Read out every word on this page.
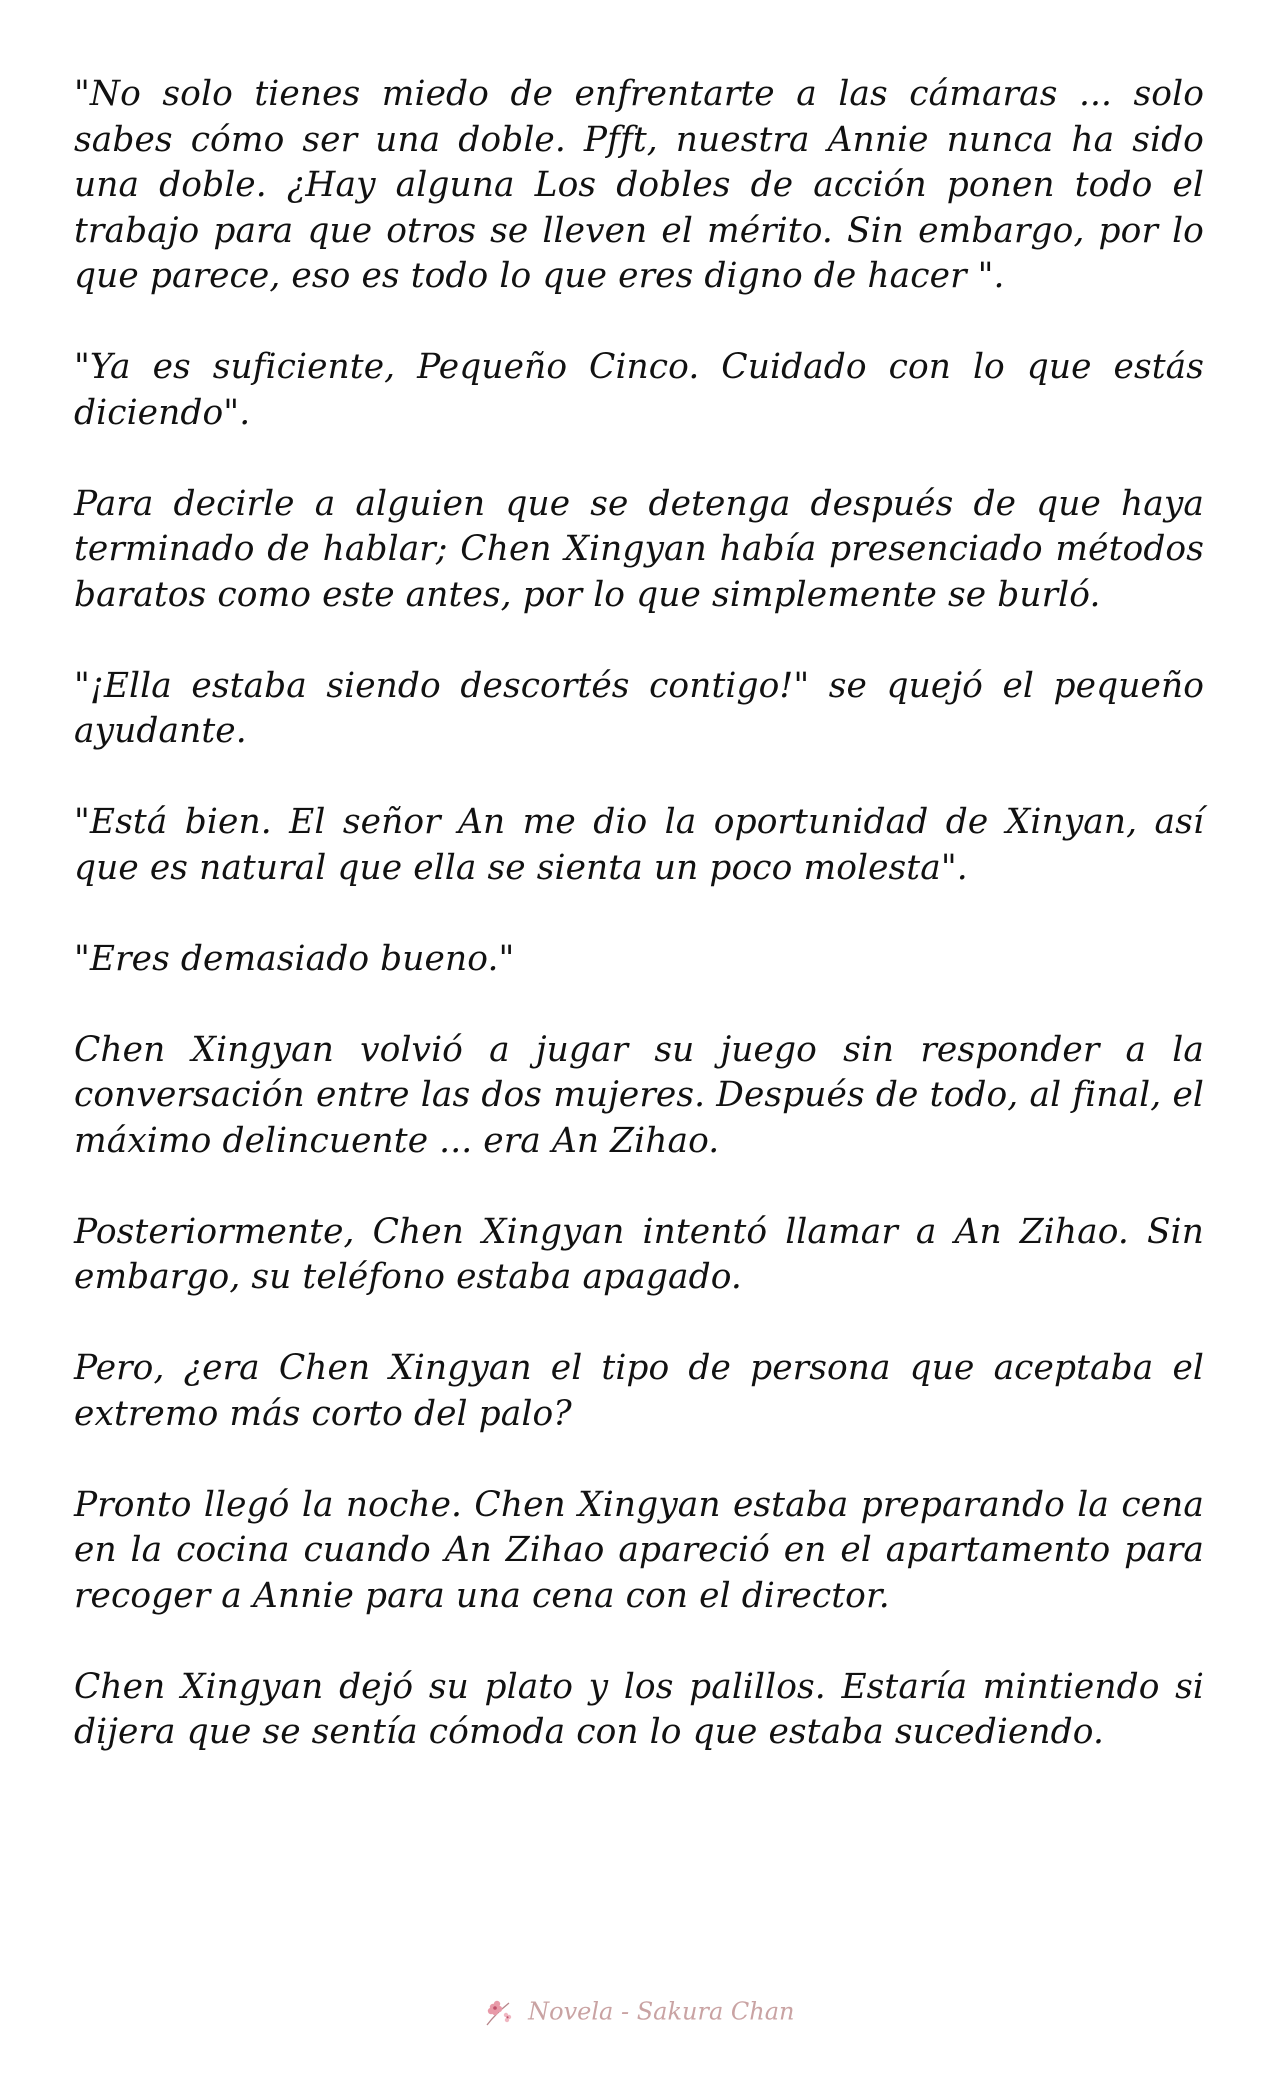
"No solo tienes miedo de enfrentarte a las cámaras ... solo sabes cómo ser una doble. Pfft, nuestra Annie nunca ha sido una doble. ¿Hay alguna Los dobles de acción ponen todo el trabajo para que otros se lleven el mérito. Sin embargo, por lo que parece, eso es todo lo que eres digno de hacer ".

"Ya es suficiente, Pequeño Cinco. Cuidado con lo que estás diciendo".

Para decirle a alguien que se detenga después de que haya terminado de hablar; Chen Xingyan había presenciado métodos baratos como este antes, por lo que simplemente se burló.

"¡Ella estaba siendo descortés contigo!" se quejó el pequeño ayudante.

"Está bien. El señor An me dio la oportunidad de Xinyan, así que es natural que ella se sienta un poco molesta".

"Eres demasiado bueno."

Chen Xingyan volvió a jugar su juego sin responder a la conversación entre las dos mujeres. Después de todo, al final, el máximo delincuente ... era An Zihao.

Posteriormente, Chen Xingyan intentó llamar a An Zihao. Sin embargo, su teléfono estaba apagado.

Pero, ¿era Chen Xingyan el tipo de persona que aceptaba el extremo más corto del palo?

Pronto llegó la noche. Chen Xingyan estaba preparando la cena en la cocina cuando An Zihao apareció en el apartamento para recoger a Annie para una cena con el director.

Chen Xingyan dejó su plato y los palillos. Estaría mintiendo si dijera que se sentía cómoda con lo que estaba sucediendo.

Novela - Sakura Chan
